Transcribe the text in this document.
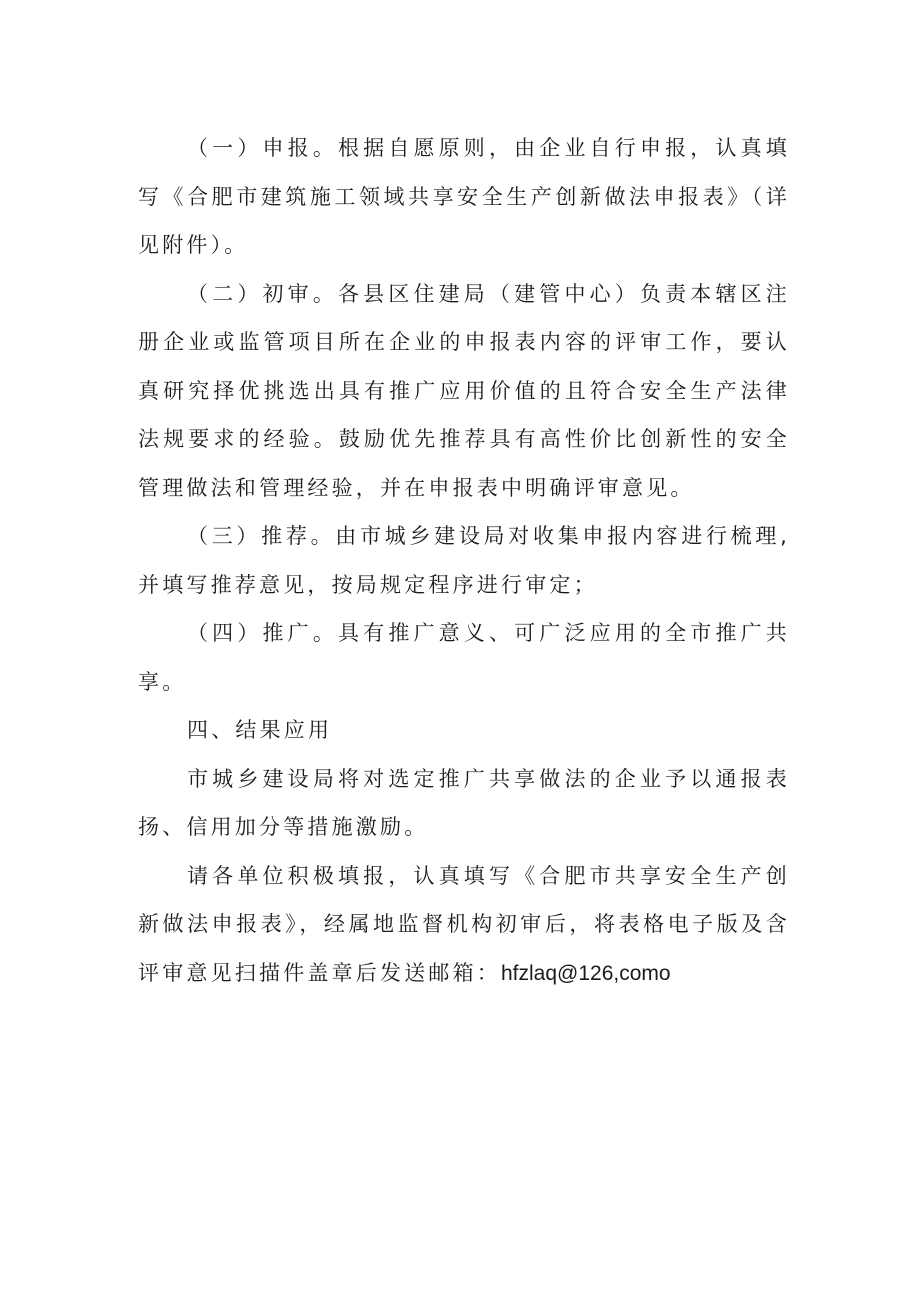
（一）申报。根据自愿原则，由企业自行申报，认真填写《合肥市建筑施工领域共享安全生产创新做法申报表》（详见附件）。

（二）初审。各县区住建局（建管中心）负责本辖区注册企业或监管项目所在企业的申报表内容的评审工作，要认真研究择优挑选出具有推广应用价值的且符合安全生产法律法规要求的经验。鼓励优先推荐具有高性价比创新性的安全管理做法和管理经验，并在申报表中明确评审意见。

（三）推荐。由市城乡建设局对收集申报内容进行梳理,并填写推荐意见，按局规定程序进行审定；

（四）推广。具有推广意义、可广泛应用的全市推广共享。

四、结果应用

市城乡建设局将对选定推广共享做法的企业予以通报表扬、信用加分等措施激励。

请各单位积极填报，认真填写《合肥市共享安全生产创新做法申报表》，经属地监督机构初审后，将表格电子版及含评审意见扫描件盖章后发送邮箱：hfzlaq@126,como
